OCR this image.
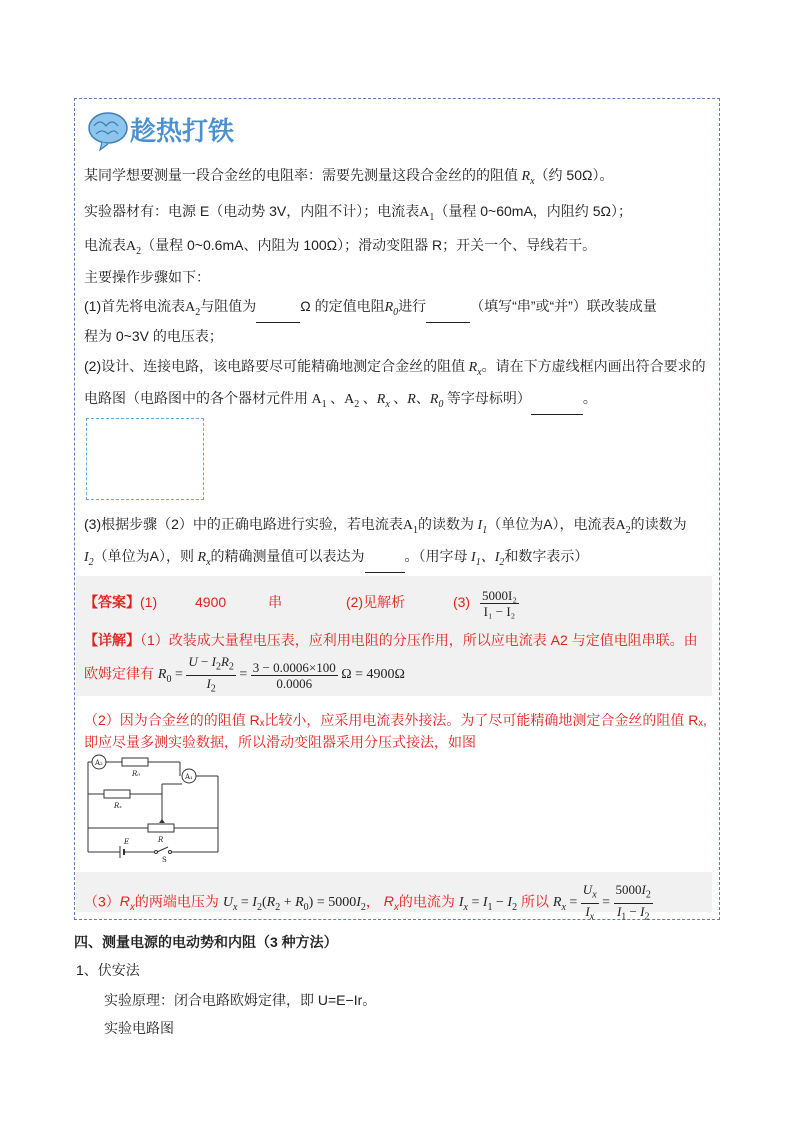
趁热打铁
某同学想要测量一段合金丝的电阻率：需要先测量这段合金丝的的阻值 $R_x$（约 50Ω）。
实验器材有：电源 E（电动势 3V，内阻不计）；电流表$A_1$（量程 0~60mA，内阻约 5Ω）；
电流表$A_2$（量程 0~0.6mA、内阻为 100Ω）；滑动变阻器 R；开关一个、导线若干。
主要操作步骤如下：
(1)首先将电流表$A_2$与阻值为	Ω 的定值电阻$R_0$进行	（填写“串”或“并”）联改装成量
程为 0~3V 的电压表；
(2)设计、连接电路，该电路要尽可能精确地测定合金丝的阻值 $R_x$。请在下方虚线框内画出符合要求的
电路图（电路图中的各个器材元件用 $A_1$ 、$A_2$ 、$R_x$ 、R、$R_0$ 等字母标明）	。
(3)根据步骤（2）中的正确电路进行实验，若电流表$A_1$的读数为 $I_1$（单位为A），电流表$A_2$的读数为
$I_2$（单位为A），则 $R_x$的精确测量值可以表达为	。（用字母 $I_1$、$I_2$和数字表示）
【答案】(1)	4900	串	(2)见解析	$(3) \frac{\text{5000I₂}}{\text{I₁ − I₂}}$
【详解】（1）改装成大量程电压表，应利用电阻的分压作用，所以应电流表 A2 与定值电阻串联。由
欧姆定律有 $R_0 = \frac{U - I_2R_2}{I_2} = \frac{3 - 0.0006\times 100}{0.0006}$ Ω = 4900Ω
（2）因为合金丝的的阻值 Rₓ比较小，应采用电流表外接法。为了尽可能精确地测定合金丝的阻值 Rₓ,
即应尽量多测实验数据，所以滑动变阻器采用分压式接法，如图
A₂
R₀	A₁
Rₓ
R
E
S
$(3)R_x$的两端电压为 $U_x = I_2(R_2 + R_0) = 5000I_2$， $R_x$的电流为 $I_x = I_1 - I_2$ 所以 $R_x = \frac{U_x}{I_x} = \frac{5000I_2}{I_1 - I_2}$
四、测量电源的电动势和内阻（3 种方法）
1、伏安法
实验原理：闭合电路欧姆定律，即 U=E−Ir。
实验电路图
